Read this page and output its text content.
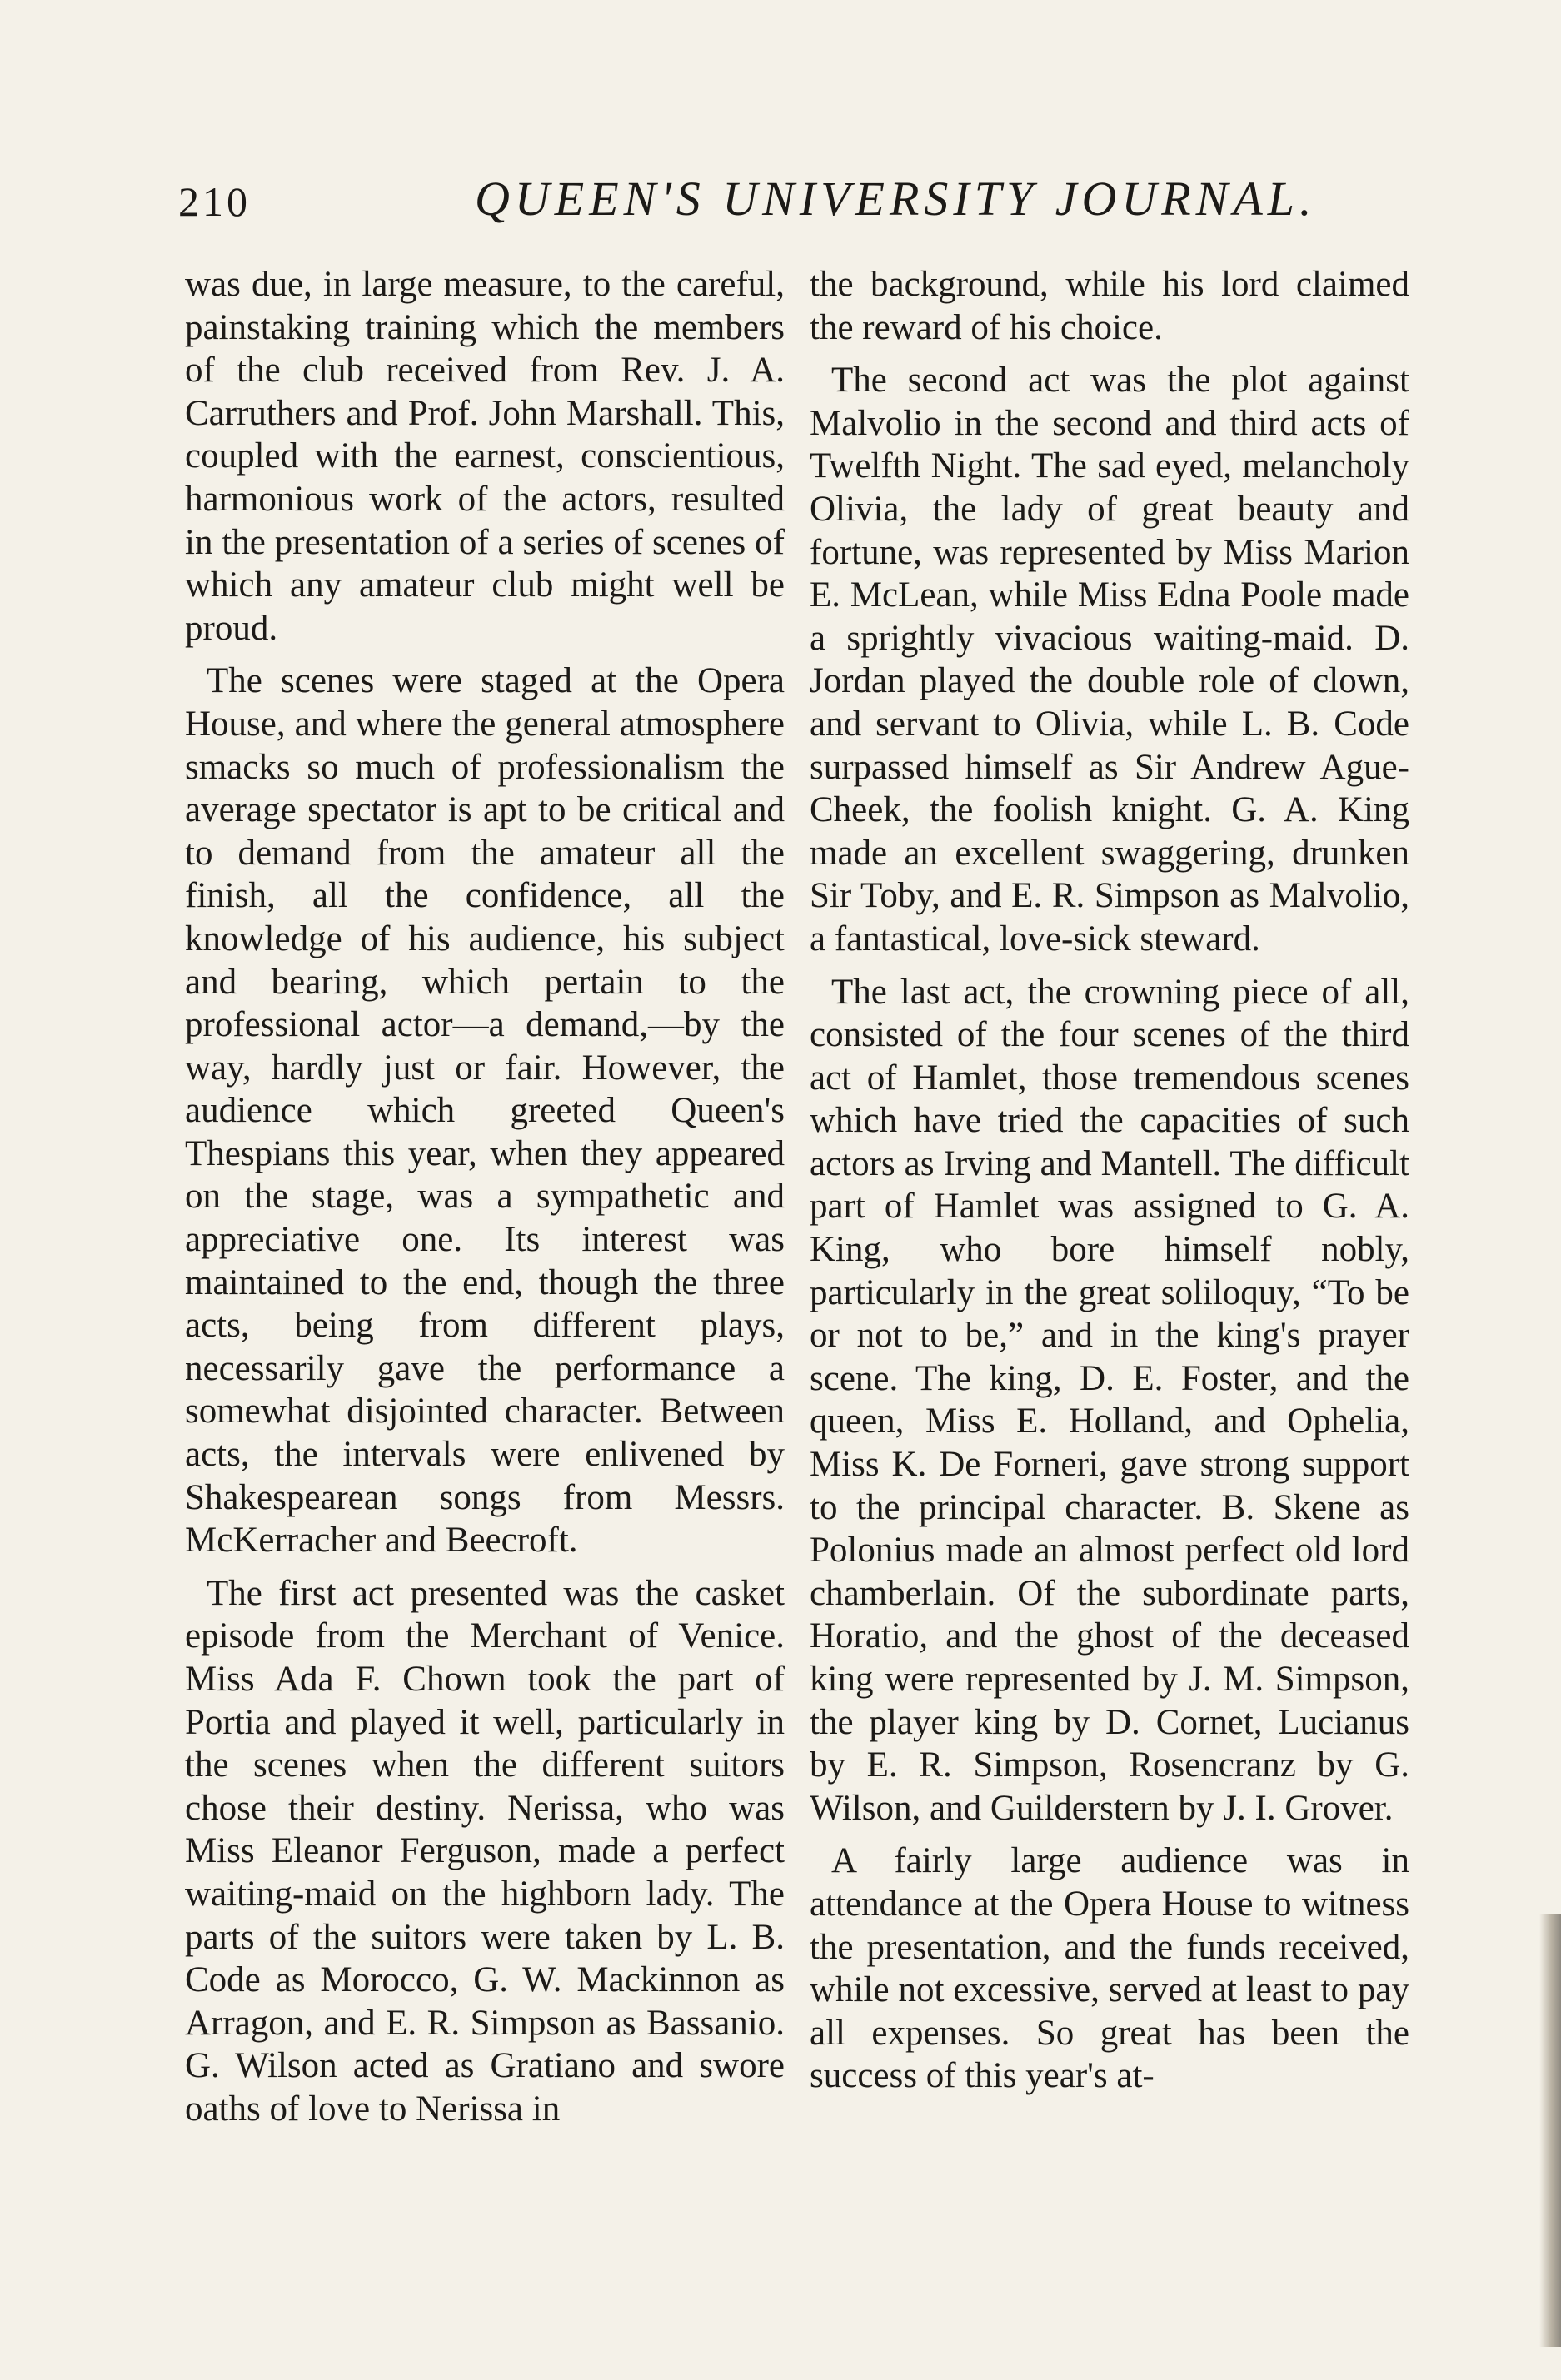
210	QUEEN'S UNIVERSITY JOURNAL.

was due, in large measure, to the careful, painstaking training which the members of the club received from Rev. J. A. Carruthers and Prof. John Marshall. This, coupled with the earnest, conscientious, harmonious work of the actors, resulted in the presentation of a series of scenes of which any amateur club might well be proud.

The scenes were staged at the Opera House, and where the general atmosphere smacks so much of professionalism the average spectator is apt to be critical and to demand from the amateur all the finish, all the confidence, all the knowledge of his audience, his subject and bearing, which pertain to the professional actor—a demand,—by the way, hardly just or fair. However, the audience which greeted Queen's Thespians this year, when they appeared on the stage, was a sympathetic and appreciative one. Its interest was maintained to the end, though the three acts, being from different plays, necessarily gave the performance a somewhat disjointed character. Between acts, the intervals were enlivened by Shakespearean songs from Messrs. McKerracher and Beecroft.

The first act presented was the casket episode from the Merchant of Venice. Miss Ada F. Chown took the part of Portia and played it well, particularly in the scenes when the different suitors chose their destiny. Nerissa, who was Miss Eleanor Ferguson, made a perfect waiting-maid on the highborn lady. The parts of the suitors were taken by L. B. Code as Morocco, G. W. Mackinnon as Arragon, and E. R. Simpson as Bassanio. G. Wilson acted as Gratiano and swore oaths of love to Nerissa in

the background, while his lord claimed the reward of his choice.

The second act was the plot against Malvolio in the second and third acts of Twelfth Night. The sad eyed, melancholy Olivia, the lady of great beauty and fortune, was represented by Miss Marion E. McLean, while Miss Edna Poole made a sprightly vivacious waiting-maid. D. Jordan played the double role of clown, and servant to Olivia, while L. B. Code surpassed himself as Sir Andrew Ague-Cheek, the foolish knight. G. A. King made an excellent swaggering, drunken Sir Toby, and E. R. Simpson as Malvolio, a fantastical, love-sick steward.

The last act, the crowning piece of all, consisted of the four scenes of the third act of Hamlet, those tremendous scenes which have tried the capacities of such actors as Irving and Mantell. The difficult part of Hamlet was assigned to G. A. King, who bore himself nobly, particularly in the great soliloquy, “To be or not to be,” and in the king's prayer scene. The king, D. E. Foster, and the queen, Miss E. Holland, and Ophelia, Miss K. De Forneri, gave strong support to the principal character. B. Skene as Polonius made an almost perfect old lord chamberlain. Of the subordinate parts, Horatio, and the ghost of the deceased king were represented by J. M. Simpson, the player king by D. Cornet, Lucianus by E. R. Simpson, Rosencranz by G. Wilson, and Guilderstern by J. I. Grover.

A fairly large audience was in attendance at the Opera House to witness the presentation, and the funds received, while not excessive, served at least to pay all expenses. So great has been the success of this year's at-
